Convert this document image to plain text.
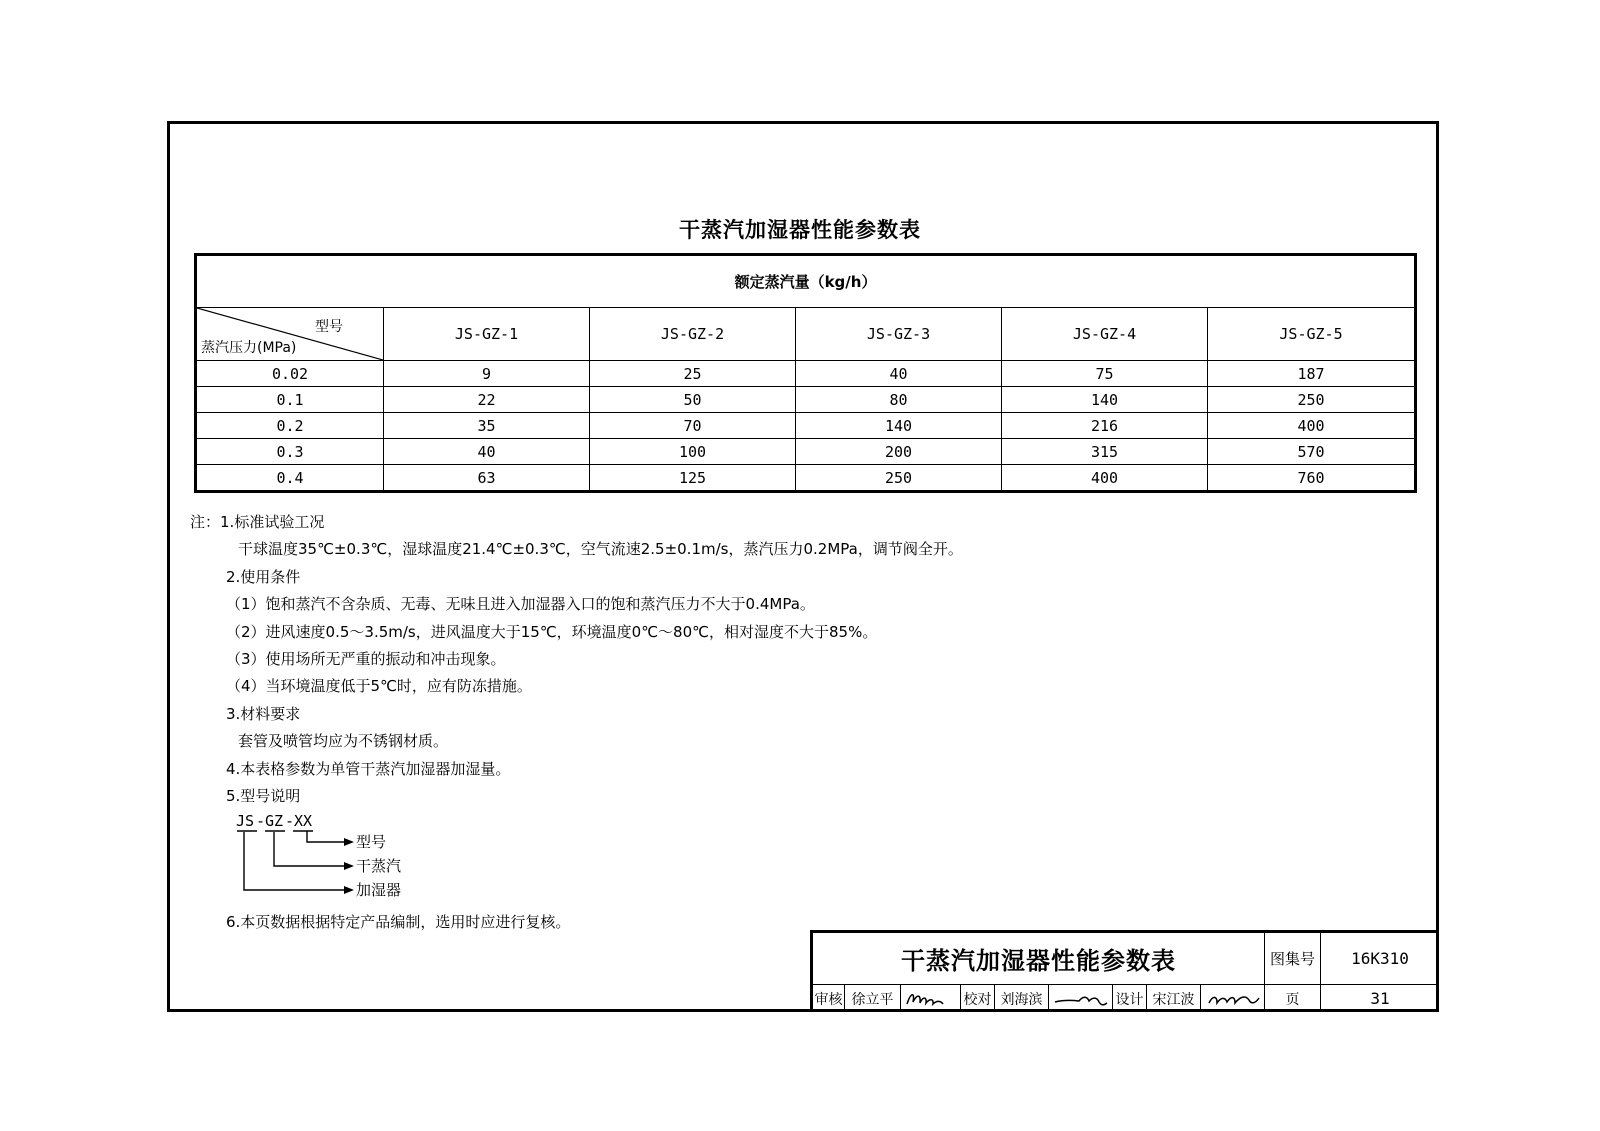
干蒸汽加湿器性能参数表
额定蒸汽量（kg/h）					

型号
蒸汽压力(MPa)	JS-GZ-1	JS-GZ-2	JS-GZ-3	JS-GZ-4	JS-GZ-5
0.02	9	25	40	75	187
0.1	22	50	80	140	250
0.2	35	70	140	216	400
0.3	40	100	200	315	570
0.4	63	125	250	400	760
注：1.标准试验工况
干球温度35℃±0.3℃，湿球温度21.4℃±0.3℃，空气流速2.5±0.1m/s，蒸汽压力0.2MPa，调节阀全开。
2.使用条件
（1）饱和蒸汽不含杂质、无毒、无味且进入加湿器入口的饱和蒸汽压力不大于0.4MPa。
（2）进风速度0.5～3.5m/s，进风温度大于15℃，环境温度0℃～80℃，相对湿度不大于85%。
（3）使用场所无严重的振动和冲击现象。
（4）当环境温度低于5℃时，应有防冻措施。
3.材料要求
套管及喷管均应为不锈钢材质。
4.本表格参数为单管干蒸汽加湿器加湿量。
5.型号说明
JS - GZ - XX
型号
干蒸汽
加湿器
6.本页数据根据特定产品编制，选用时应进行复核。
干蒸汽加湿器性能参数表	图集号	16K310
审核 徐立平	校对 刘海滨	设计 宋江波	页	31
